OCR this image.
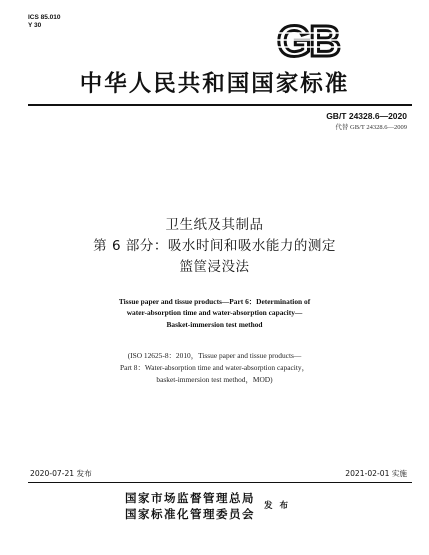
ICS 85.010
Y 30	GB
中华人民共和国国家标准
GB/T 24328.6—2020
代替 GB/T 24328.6—2009
卫生纸及其制品
第 6 部分：吸水时间和吸水能力的测定
篮筐浸没法
Tissue paper and tissue products—Part 6：Determination of
water-absorption time and water-absorption capacity—
Basket-immersion test method
(ISO 12625-8：2010，Tissue paper and tissue products—
Part 8：Water-absorption time and water-absorption capacity，
basket-immersion test method，MOD)
2020-07-21 发布	2021-02-01 实施
国家市场监督管理总局
国家标准化管理委员会
发 布
